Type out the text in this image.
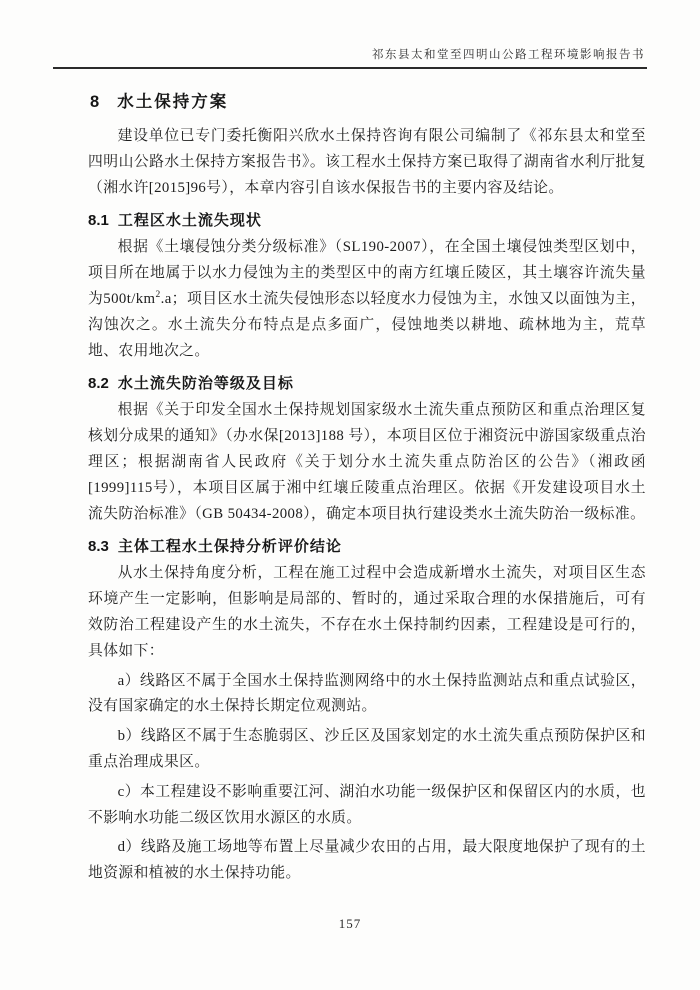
祁东县太和堂至四明山公路工程环境影响报告书
8 水土保持方案

建设单位已专门委托衡阳兴欣水土保持咨询有限公司编制了《祁东县太和堂至四明山公路水土保持方案报告书》。该工程水土保持方案已取得了湖南省水利厅批复（湘水许[2015]96号），本章内容引自该水保报告书的主要内容及结论。

8.1 工程区水土流失现状

根据《土壤侵蚀分类分级标准》（SL190-2007），在全国土壤侵蚀类型区划中，项目所在地属于以水力侵蚀为主的类型区中的南方红壤丘陵区，其土壤容许流失量为$500t/km^2.a$；项目区水土流失侵蚀形态以轻度水力侵蚀为主，水蚀又以面蚀为主，沟蚀次之。水土流失分布特点是点多面广，侵蚀地类以耕地、疏林地为主，荒草地、农用地次之。

8.2 水土流失防治等级及目标

根据《关于印发全国水土保持规划国家级水土流失重点预防区和重点治理区复核划分成果的通知》（办水保[2013]188 号），本项目区位于湘资沅中游国家级重点治理区；根据湖南省人民政府《关于划分水土流失重点防治区的公告》（湘政函[1999]115号），本项目区属于湘中红壤丘陵重点治理区。依据《开发建设项目水土流失防治标准》（GB 50434-2008），确定本项目执行建设类水土流失防治一级标准。

8.3 主体工程水土保持分析评价结论

从水土保持角度分析，工程在施工过程中会造成新增水土流失，对项目区生态环境产生一定影响，但影响是局部的、暂时的，通过采取合理的水保措施后，可有效防治工程建设产生的水土流失，不存在水土保持制约因素，工程建设是可行的，具体如下：

a）线路区不属于全国水土保持监测网络中的水土保持监测站点和重点试验区，没有国家确定的水土保持长期定位观测站。

b）线路区不属于生态脆弱区、沙丘区及国家划定的水土流失重点预防保护区和重点治理成果区。

c）本工程建设不影响重要江河、湖泊水功能一级保护区和保留区内的水质，也不影响水功能二级区饮用水源区的水质。

d）线路及施工场地等布置上尽量减少农田的占用，最大限度地保护了现有的土地资源和植被的水土保持功能。

157
